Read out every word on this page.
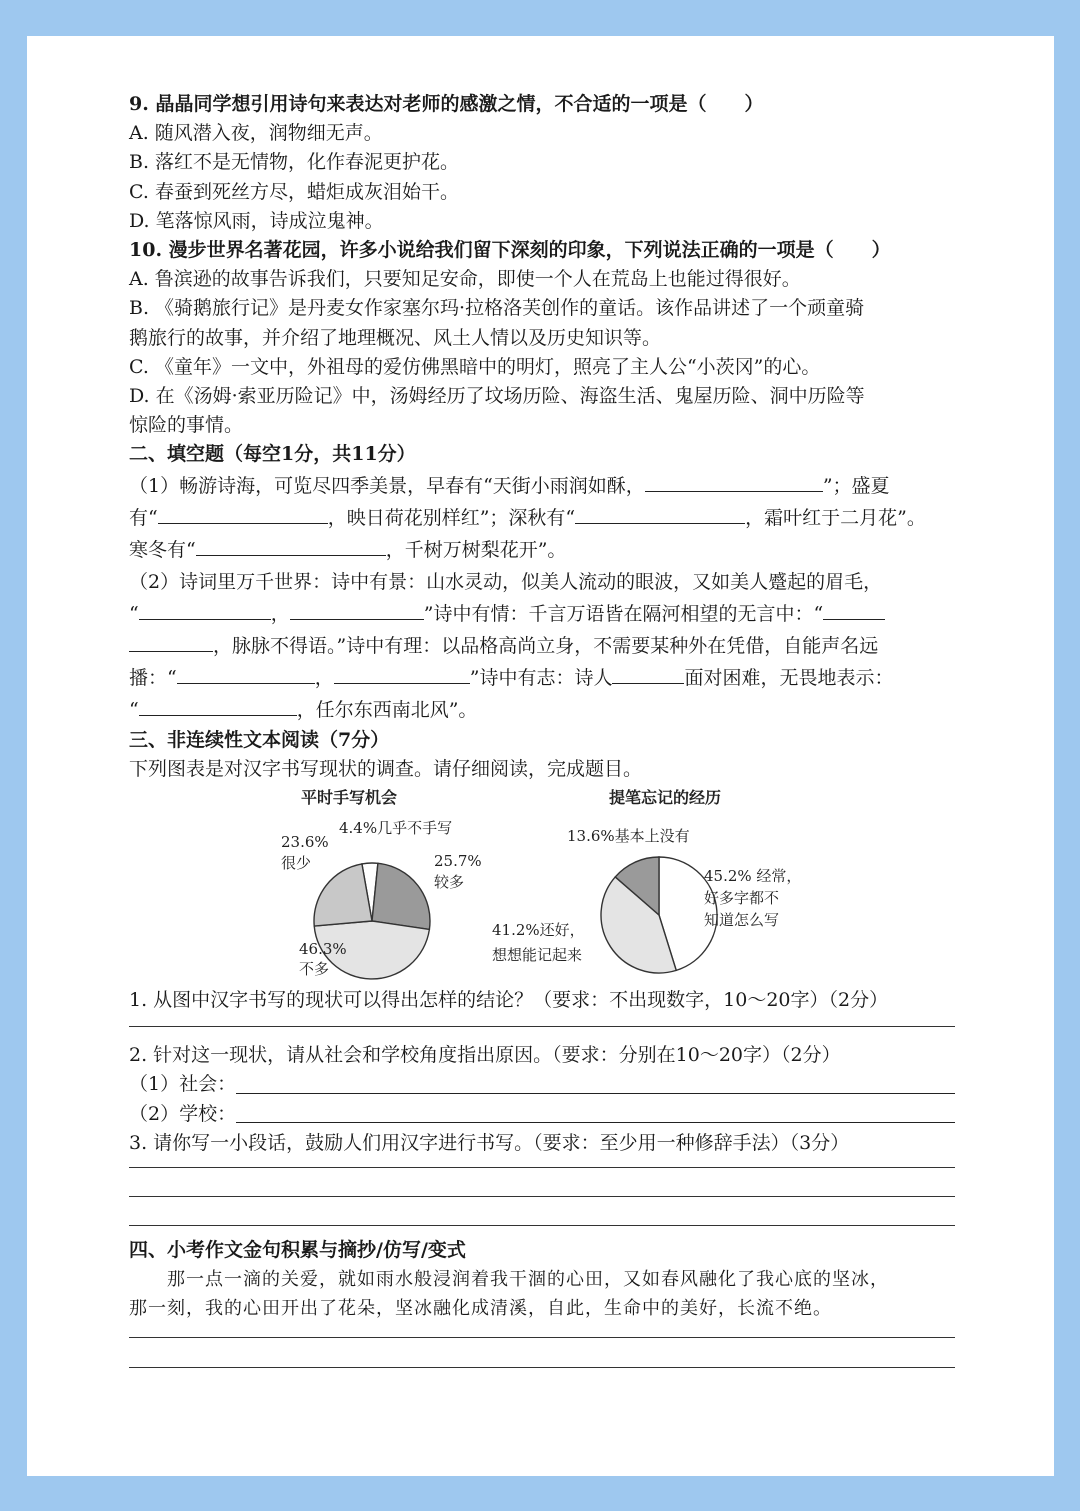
9. 晶晶同学想引用诗句来表达对老师的感激之情，不合适的一项是（　　）
A. 随风潜入夜，润物细无声。
B. 落红不是无情物，化作春泥更护花。
C. 春蚕到死丝方尽，蜡炬成灰泪始干。
D. 笔落惊风雨，诗成泣鬼神。
10. 漫步世界名著花园，许多小说给我们留下深刻的印象，下列说法正确的一项是（　　）
A. 鲁滨逊的故事告诉我们，只要知足安命，即使一个人在荒岛上也能过得很好。
B. 《骑鹅旅行记》是丹麦女作家塞尔玛·拉格洛芙创作的童话。该作品讲述了一个顽童骑
鹅旅行的故事，并介绍了地理概况、风土人情以及历史知识等。
C. 《童年》一文中，外祖母的爱仿佛黑暗中的明灯，照亮了主人公“小茨冈”的心。
D. 在《汤姆·索亚历险记》中，汤姆经历了坟场历险、海盗生活、鬼屋历险、洞中历险等
惊险的事情。
二、填空题（每空1分，共11分）
（1）畅游诗海，可览尽四季美景，早春有“天街小雨润如酥，	”；盛夏
有“	，映日荷花别样红”；深秋有“	，霜叶红于二月花”。
寒冬有“	，千树万树梨花开”。
（2）诗词里万千世界：诗中有景：山水灵动，似美人流动的眼波，又如美人蹙起的眉毛，
“	，	”诗中有情：千言万语皆在隔河相望的无言中：“
，脉脉不得语。”诗中有理：以品格高尚立身，不需要某种外在凭借，自能声名远
播：“	，	”诗中有志：诗人	面对困难，无畏地表示：
“	，任尔东西南北风”。
三、非连续性文本阅读（7分）
下列图表是对汉字书写现状的调查。请仔细阅读，完成题目。
平时手写机会
4.4%几乎不手写
25.7%
较多
46.3%
不多
23.6%
很少
提笔忘记的经历
45.2% 经常，
好多字都不
知道怎么写
41.2%还好，
想想能记起来
13.6%基本上没有
1. 从图中汉字书写的现状可以得出怎样的结论？（要求：不出现数字，10～20字）（2分）
2. 针对这一现状，请从社会和学校角度指出原因。（要求：分别在10～20字）（2分）
（1）社会：
（2）学校：
3. 请你写一小段话，鼓励人们用汉字进行书写。（要求：至少用一种修辞手法）（3分）
四、小考作文金句积累与摘抄/仿写/变式
　　那一点一滴的关爱，就如雨水般浸润着我干涸的心田，又如春风融化了我心底的坚冰，
那一刻，我的心田开出了花朵，坚冰融化成清溪，自此，生命中的美好，长流不绝。
